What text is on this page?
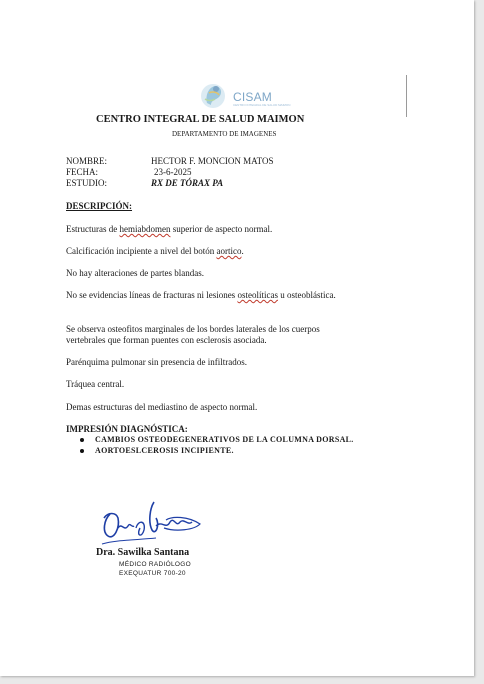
CISAM
CENTRO INTEGRAL DE SALUD MAIMON
CENTRO INTEGRAL DE SALUD MAIMON
DEPARTAMENTO DE IMAGENES
NOMBRE:	HECTOR F. MONCION MATOS
FECHA:	23-6-2025
ESTUDIO:	RX DE TÓRAX PA
DESCRIPCIÓN:
Estructuras de hemiabdomen superior de aspecto normal.
Calcificación incipiente a nivel del botón aortico.
No hay alteraciones de partes blandas.
No se evidencias líneas de fracturas ni lesiones osteolíticas u osteoblástica.
Se observa osteofitos marginales de los bordes laterales de los cuerpos vertebrales que forman puentes con esclerosis asociada.
Parénquima pulmonar sin presencia de infiltrados.
Tráquea central.
Demas estructuras del mediastino de aspecto normal.
IMPRESIÓN DIAGNÓSTICA:
CAMBIOS OSTEODEGENERATIVOS DE LA COLUMNA DORSAL.
AORTOESLCEROSIS INCIPIENTE.
Dra. Sawilka Santana
MÉDICO RADIÓLOGO
EXEQUATUR 700-20
